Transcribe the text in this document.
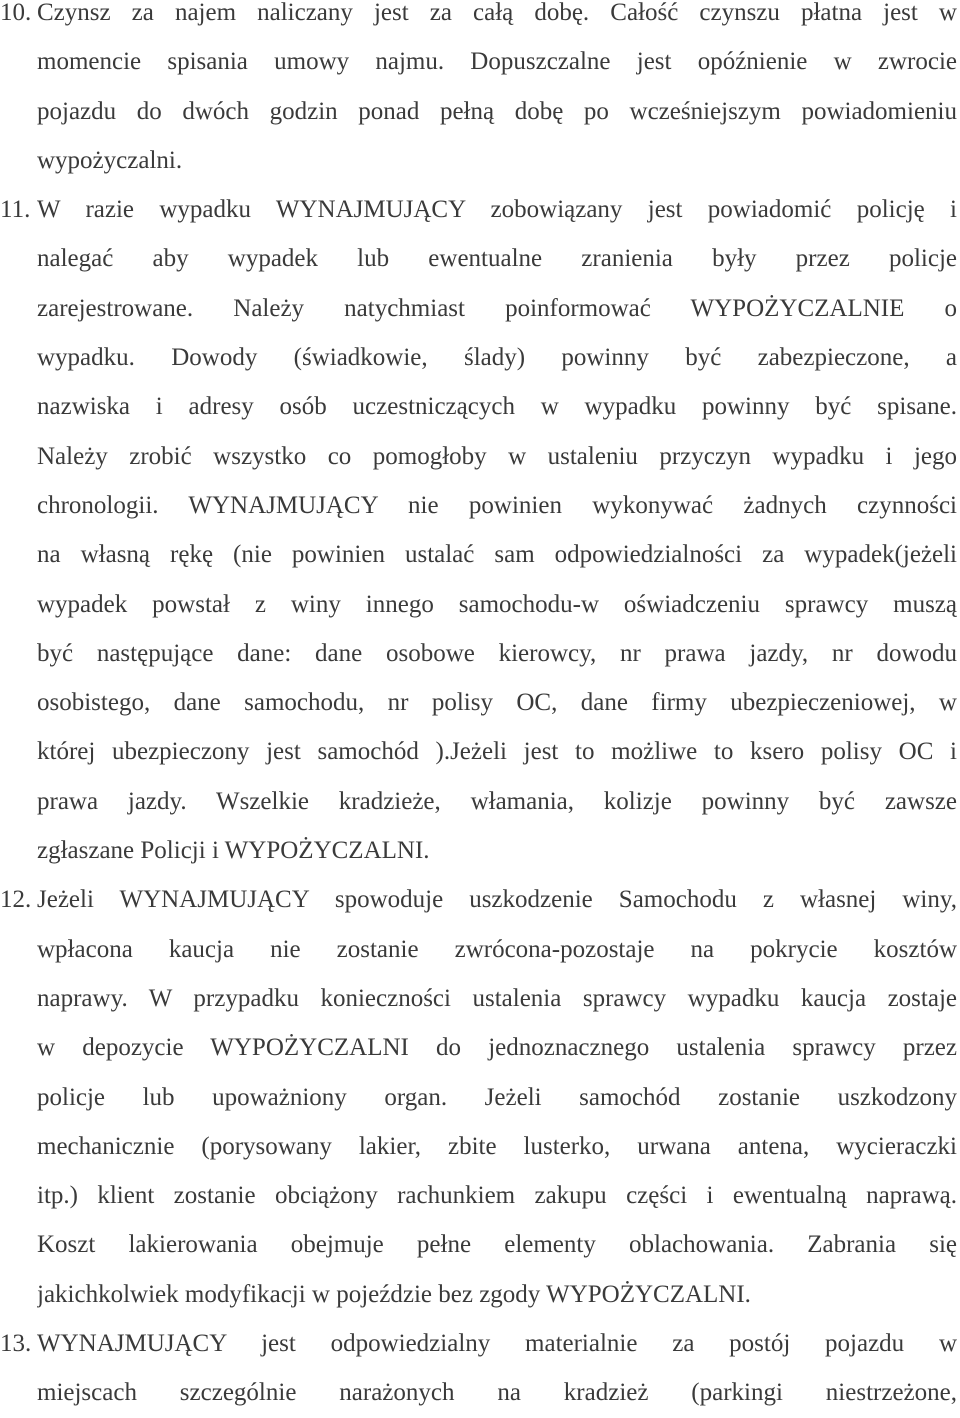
10. Czynsz za najem naliczany jest za całą dobę. Całość czynszu płatna jest w
momencie spisania umowy najmu. Dopuszczalne jest opóźnienie w zwrocie
pojazdu do dwóch godzin ponad pełną dobę po wcześniejszym powiadomieniu
wypożyczalni.
11. W razie wypadku WYNAJMUJĄCY zobowiązany jest powiadomić policję i
nalegać aby wypadek lub ewentualne zranienia były przez policje
zarejestrowane. Należy natychmiast poinformować WYPOŻYCZALNIE o
wypadku. Dowody (świadkowie, ślady) powinny być zabezpieczone, a
nazwiska i adresy osób uczestniczących w wypadku powinny być spisane.
Należy zrobić wszystko co pomogłoby w ustaleniu przyczyn wypadku i jego
chronologii. WYNAJMUJĄCY nie powinien wykonywać żadnych czynności
na własną rękę (nie powinien ustalać sam odpowiedzialności za wypadek(jeżeli
wypadek powstał z winy innego samochodu-w oświadczeniu sprawcy muszą
być następujące dane: dane osobowe kierowcy, nr prawa jazdy, nr dowodu
osobistego, dane samochodu, nr polisy OC, dane firmy ubezpieczeniowej, w
której ubezpieczony jest samochód ).Jeżeli jest to możliwe to ksero polisy OC i
prawa jazdy. Wszelkie kradzieże, włamania, kolizje powinny być zawsze
zgłaszane Policji i WYPOŻYCZALNI.
12. Jeżeli WYNAJMUJĄCY spowoduje uszkodzenie Samochodu z własnej winy,
wpłacona kaucja nie zostanie zwrócona-pozostaje na pokrycie kosztów
naprawy. W przypadku konieczności ustalenia sprawcy wypadku kaucja zostaje
w depozycie WYPOŻYCZALNI do jednoznacznego ustalenia sprawcy przez
policje lub upoważniony organ. Jeżeli samochód zostanie uszkodzony
mechanicznie (porysowany lakier, zbite lusterko, urwana antena, wycieraczki
itp.) klient zostanie obciążony rachunkiem zakupu części i ewentualną naprawą.
Koszt lakierowania obejmuje pełne elementy oblachowania. Zabrania się
jakichkolwiek modyfikacji w pojeździe bez zgody WYPOŻYCZALNI.
13. WYNAJMUJĄCY jest odpowiedzialny materialnie za postój pojazdu w
miejscach szczególnie narażonych na kradzież (parkingi niestrzeżone,
